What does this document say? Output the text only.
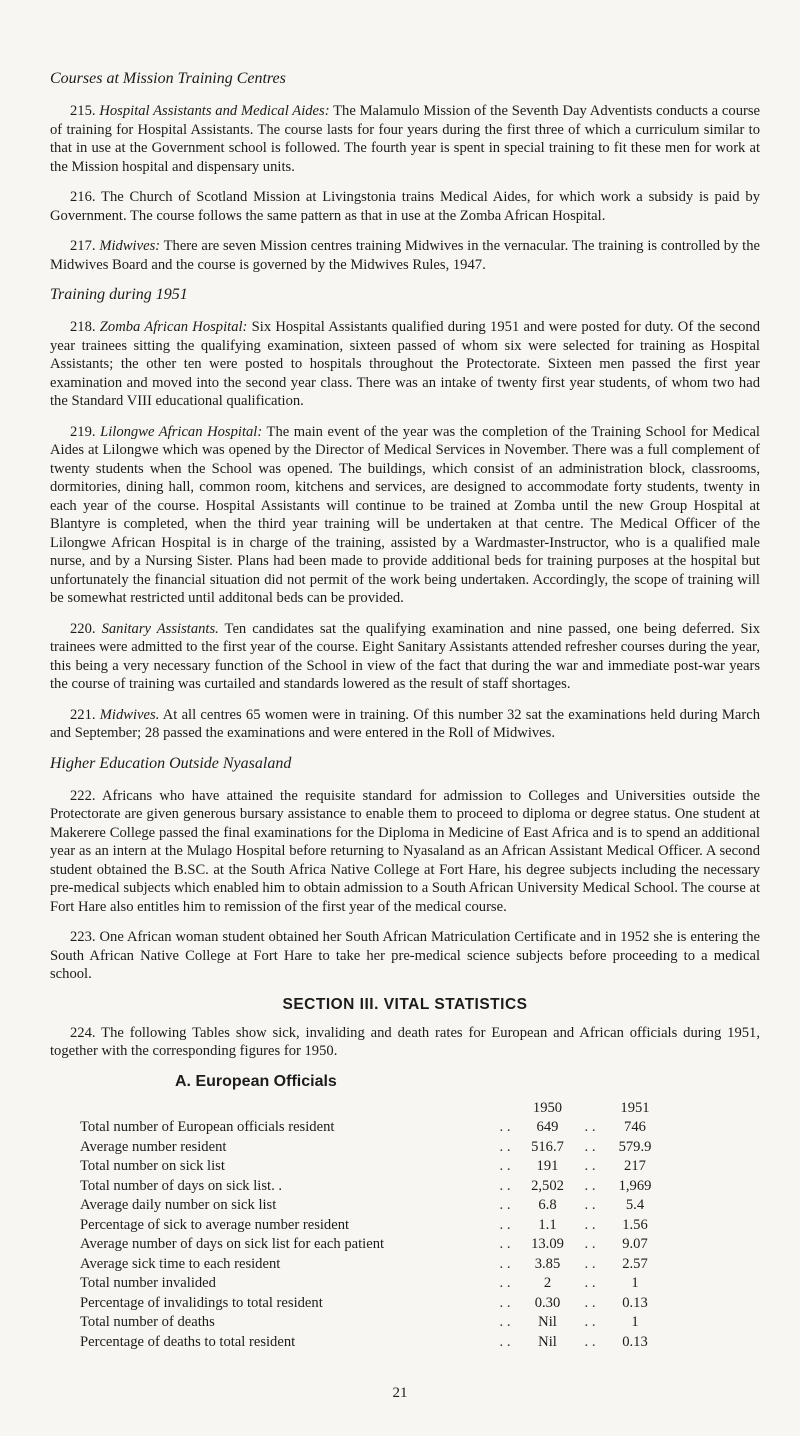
Courses at Mission Training Centres

215. Hospital Assistants and Medical Aides: The Malamulo Mission of the Seventh Day Adventists conducts a course of training for Hospital Assistants. The course lasts for four years during the first three of which a curriculum similar to that in use at the Government school is followed. The fourth year is spent in special training to fit these men for work at the Mission hospital and dispensary units.

216. The Church of Scotland Mission at Livingstonia trains Medical Aides, for which work a subsidy is paid by Government. The course follows the same pattern as that in use at the Zomba African Hospital.

217. Midwives: There are seven Mission centres training Midwives in the vernacular. The training is controlled by the Midwives Board and the course is governed by the Midwives Rules, 1947.

Training during 1951

218. Zomba African Hospital: Six Hospital Assistants qualified during 1951 and were posted for duty. Of the second year trainees sitting the qualifying examination, sixteen passed of whom six were selected for training as Hospital Assistants; the other ten were posted to hospitals throughout the Protectorate. Sixteen men passed the first year examination and moved into the second year class. There was an intake of twenty first year students, of whom two had the Standard VIII educational qualification.

219. Lilongwe African Hospital: The main event of the year was the completion of the Training School for Medical Aides at Lilongwe which was opened by the Director of Medical Services in November. There was a full complement of twenty students when the School was opened. The buildings, which consist of an administration block, classrooms, dormitories, dining hall, common room, kitchens and services, are designed to accommodate forty students, twenty in each year of the course. Hospital Assistants will continue to be trained at Zomba until the new Group Hospital at Blantyre is completed, when the third year training will be undertaken at that centre. The Medical Officer of the Lilongwe African Hospital is in charge of the training, assisted by a Wardmaster-Instructor, who is a qualified male nurse, and by a Nursing Sister. Plans had been made to provide additional beds for training purposes at the hospital but unfortunately the financial situation did not permit of the work being undertaken. Accordingly, the scope of training will be somewhat restricted until additonal beds can be provided.

220. Sanitary Assistants. Ten candidates sat the qualifying examination and nine passed, one being deferred. Six trainees were admitted to the first year of the course. Eight Sanitary Assistants attended refresher courses during the year, this being a very necessary function of the School in view of the fact that during the war and immediate post-war years the course of training was curtailed and standards lowered as the result of staff shortages.

221. Midwives. At all centres 65 women were in training. Of this number 32 sat the examinations held during March and September; 28 passed the examinations and were entered in the Roll of Midwives.

Higher Education Outside Nyasaland

222. Africans who have attained the requisite standard for admission to Colleges and Universities outside the Protectorate are given generous bursary assistance to enable them to proceed to diploma or degree status. One student at Makerere College passed the final examinations for the Diploma in Medicine of East Africa and is to spend an additional year as an intern at the Mulago Hospital before returning to Nyasaland as an African Assistant Medical Officer. A second student obtained the B.SC. at the South Africa Native College at Fort Hare, his degree subjects including the necessary pre-medical subjects which enabled him to obtain admission to a South African University Medical School. The course at Fort Hare also entitles him to remission of the first year of the medical course.

223. One African woman student obtained her South African Matriculation Certificate and in 1952 she is entering the South African Native College at Fort Hare to take her pre-medical science subjects before proceeding to a medical school.

SECTION III. VITAL STATISTICS

224. The following Tables show sick, invaliding and death rates for European and African officials during 1951, together with the corresponding figures for 1950.

A. European Officials
		1950		1951
Total number of European officials resident	. .	649	. .	746
Average number resident	. .	516.7	. .	579.9
Total number on sick list	. .	191	. .	217
Total number of days on sick list. .	. .	2,502	. .	1,969
Average daily number on sick list	. .	6.8	. .	5.4
Percentage of sick to average number resident	. .	1.1	. .	1.56
Average number of days on sick list for each patient	. .	13.09	. .	9.07
Average sick time to each resident	. .	3.85	. .	2.57
Total number invalided	. .	2	. .	1
Percentage of invalidings to total resident	. .	0.30	. .	0.13
Total number of deaths	. .	Nil	. .	1
Percentage of deaths to total resident	. .	Nil	. .	0.13
21
